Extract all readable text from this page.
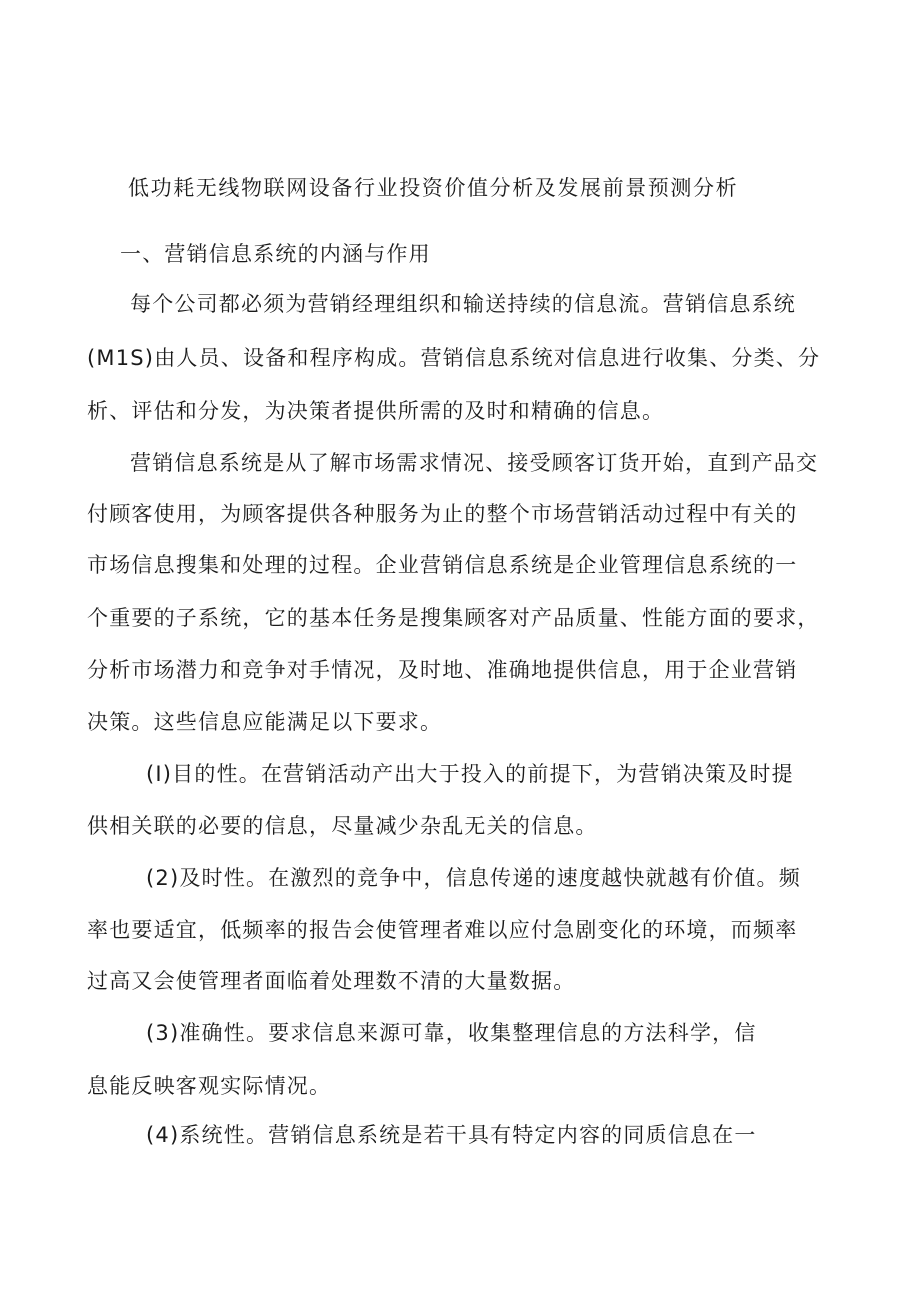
低功耗无线物联网设备行业投资价值分析及发展前景预测分析
一、营销信息系统的内涵与作用
每个公司都必须为营销经理组织和输送持续的信息流。营销信息系统
(M1S)由人员、设备和程序构成。营销信息系统对信息进行收集、分类、分
析、评估和分发，为决策者提供所需的及时和精确的信息。
营销信息系统是从了解市场需求情况、接受顾客订货开始，直到产品交
付顾客使用，为顾客提供各种服务为止的整个市场营销活动过程中有关的
市场信息搜集和处理的过程。企业营销信息系统是企业管理信息系统的一
个重要的子系统，它的基本任务是搜集顾客对产品质量、性能方面的要求，
分析市场潜力和竞争对手情况，及时地、准确地提供信息，用于企业营销
决策。这些信息应能满足以下要求。
(I)目的性。在营销活动产出大于投入的前提下，为营销决策及时提
供相关联的必要的信息，尽量减少杂乱无关的信息。
(2)及时性。在激烈的竞争中，信息传递的速度越快就越有价值。频
率也要适宜，低频率的报告会使管理者难以应付急剧变化的环境，而频率
过高又会使管理者面临着处理数不清的大量数据。
(3)准确性。要求信息来源可靠，收集整理信息的方法科学，信
息能反映客观实际情况。
(4)系统性。营销信息系统是若干具有特定内容的同质信息在一
